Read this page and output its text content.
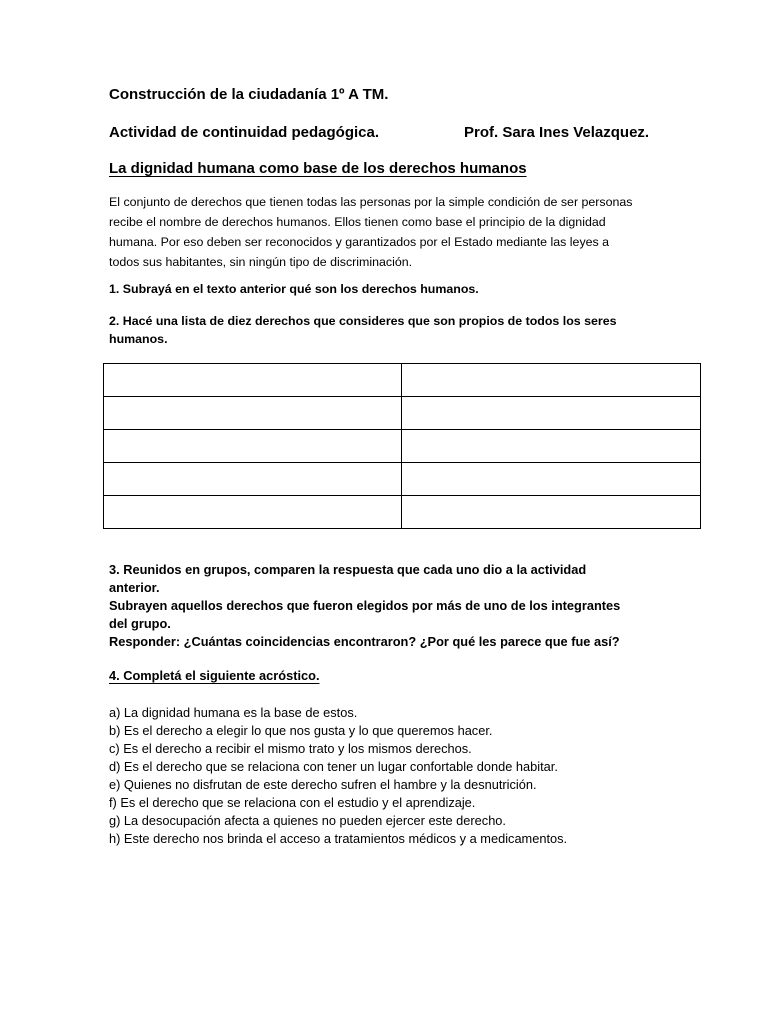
Construcción de la ciudadanía 1º A TM.
Actividad de continuidad pedagógica.	Prof. Sara Ines Velazquez.
La dignidad humana como base de los derechos humanos
El conjunto de derechos que tienen todas las personas por la simple condición de ser personas
recibe el nombre de derechos humanos. Ellos tienen como base el principio de la dignidad
humana. Por eso deben ser reconocidos y garantizados por el Estado mediante las leyes a
todos sus habitantes, sin ningún tipo de discriminación.
1. Subrayá en el texto anterior qué son los derechos humanos.
2. Hacé una lista de diez derechos que consideres que son propios de todos los seres
humanos.

3. Reunidos en grupos, comparen la respuesta que cada uno dio a la actividad
anterior.
Subrayen aquellos derechos que fueron elegidos por más de uno de los integrantes
del grupo.
Responder: ¿Cuántas coincidencias encontraron? ¿Por qué les parece que fue así?
4. Completá el siguiente acróstico.
a) La dignidad humana es la base de estos.
b) Es el derecho a elegir lo que nos gusta y lo que queremos hacer.
c) Es el derecho a recibir el mismo trato y los mismos derechos.
d) Es el derecho que se relaciona con tener un lugar confortable donde habitar.
e) Quienes no disfrutan de este derecho sufren el hambre y la desnutrición.
f) Es el derecho que se relaciona con el estudio y el aprendizaje.
g) La desocupación afecta a quienes no pueden ejercer este derecho.
h) Este derecho nos brinda el acceso a tratamientos médicos y a medicamentos.
